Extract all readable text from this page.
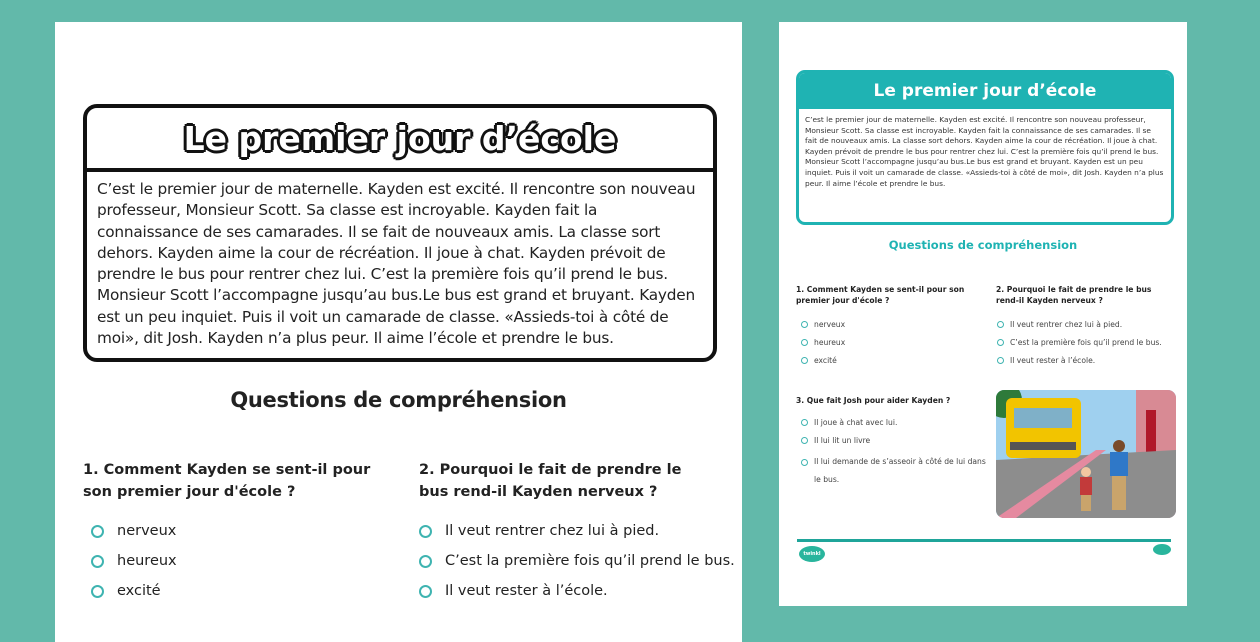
Le premier jour d’école
C’est le premier jour de maternelle. Kayden est excité. Il rencontre son nouveau professeur, Monsieur Scott. Sa classe est incroyable. Kayden fait la connaissance de ses camarades. Il se fait de nouveaux amis. La classe sort dehors. Kayden aime la cour de récréation. Il joue à chat. Kayden prévoit de prendre le bus pour rentrer chez lui. C’est la première fois qu’il prend le bus. Monsieur Scott l’accompagne jusqu’au bus.Le bus est grand et bruyant. Kayden est un peu inquiet. Puis il voit un camarade de classe. «Assieds-toi à côté de moi», dit Josh. Kayden n’a plus peur. Il aime l’école et prendre le bus.
Questions de compréhension
1. Comment Kayden se sent-il pour son premier jour d'école ?
nerveux
heureux
excité
2. Pourquoi le fait de prendre le bus rend-il Kayden nerveux ?
Il veut rentrer chez lui à pied.
C’est la première fois qu’il prend le bus.
Il veut rester à l’école.
Le premier jour d’école
C’est le premier jour de maternelle. Kayden est excité. Il rencontre son nouveau professeur, Monsieur Scott. Sa classe est incroyable. Kayden fait la connaissance de ses camarades. Il se fait de nouveaux amis. La classe sort dehors. Kayden aime la cour de récréation. Il joue à chat. Kayden prévoit de prendre le bus pour rentrer chez lui. C’est la première fois qu’il prend le bus. Monsieur Scott l’accompagne jusqu’au bus.Le bus est grand et bruyant. Kayden est un peu inquiet. Puis il voit un camarade de classe. «Assieds-toi à côté de moi», dit Josh. Kayden n’a plus peur. Il aime l’école et prendre le bus.
Questions de compréhension
1. Comment Kayden se sent-il pour son premier jour d'école ?
nerveux
heureux
excité
2. Pourquoi le fait de prendre le bus rend-il Kayden nerveux ?
Il veut rentrer chez lui à pied.
C’est la première fois qu’il prend le bus.
Il veut rester à l’école.
3. Que fait Josh pour aider Kayden ?
Il joue à chat avec lui.
Il lui lit un livre
Il lui demande de s’asseoir à côté de lui dans le bus.
twinkl
